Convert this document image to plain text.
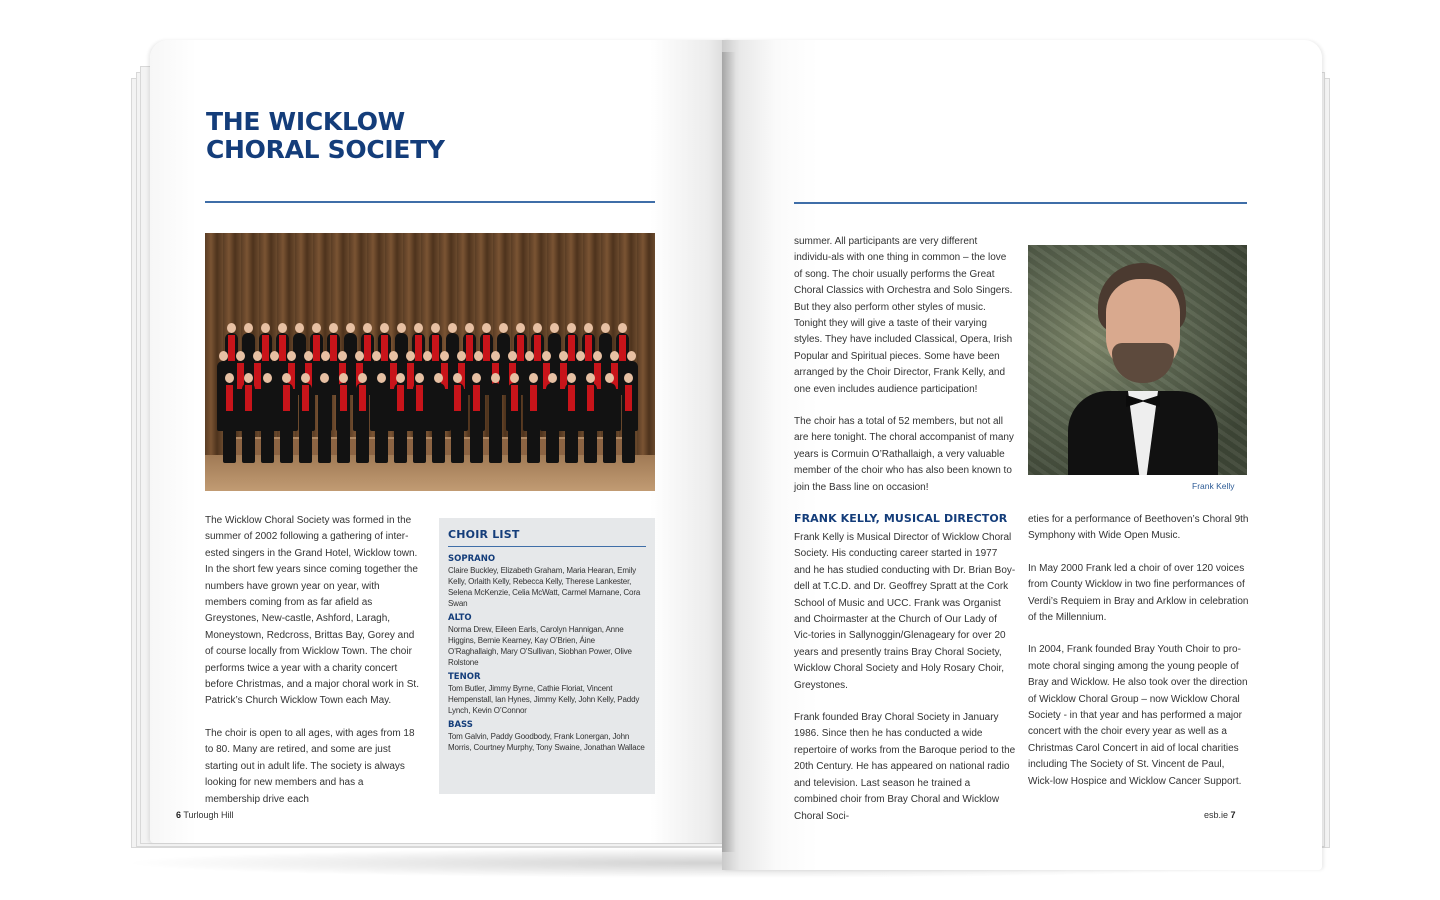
THE WICKLOW
CHORAL SOCIETY

The Wicklow Choral Society was formed in the summer of 2002 following a gathering of inter-ested singers in the Grand Hotel, Wicklow town. In the short few years since coming together the numbers have grown year on year, with members coming from as far afield as Greystones, New-castle, Ashford, Laragh, Moneystown, Redcross, Brittas Bay, Gorey and of course locally from Wicklow Town. The choir performs twice a year with a charity concert before Christmas, and a major choral work in St. Patrick’s Church Wicklow Town each May.

The choir is open to all ages, with ages from 18 to 80. Many are retired, and some are just starting out in adult life. The society is always looking for new members and has a membership drive each

CHOIR LIST
SOPRANO

Claire Buckley, Elizabeth Graham, Maria Hearan, Emily Kelly, Orlaith Kelly, Rebecca Kelly, Therese Lankester, Selena McKenzie, Celia McWatt, Carmel Marnane, Cora Swan

ALTO

Norma Drew, Eileen Earls, Carolyn Hannigan, Anne Higgins, Bernie Kearney, Kay O’Brien, Áine O’Raghallaigh, Mary O’Sullivan, Siobhan Power, Olive Rolstone

TENOR

Tom Butler, Jimmy Byrne, Cathie Floriat, Vincent Hempenstall, Ian Hynes, Jimmy Kelly, John Kelly, Paddy Lynch, Kevin O’Connor

BASS

Tom Galvin, Paddy Goodbody, Frank Lonergan, John Morris, Courtney Murphy, Tony Swaine, Jonathan Wallace

6 Turlough Hill

summer. All participants are very different individu-als with one thing in common – the love of song. The choir usually performs the Great Choral Classics with Orchestra and Solo Singers. But they also perform other styles of music. Tonight they will give a taste of their varying styles. They have included Classical, Opera, Irish Popular and Spiritual pieces. Some have been arranged by the Choir Director, Frank Kelly, and one even includes audience participation!

The choir has a total of 52 members, but not all are here tonight. The choral accompanist of many years is Cormuin O’Rathallaigh, a very valuable member of the choir who has also been known to join the Bass line on occasion!	Frank Kelly
FRANK KELLY, MUSICAL DIRECTOR

Frank Kelly is Musical Director of Wicklow Choral Society. His conducting career started in 1977 and he has studied conducting with Dr. Brian Boy-dell at T.C.D. and Dr. Geoffrey Spratt at the Cork School of Music and UCC. Frank was Organist and Choirmaster at the Church of Our Lady of Vic-tories in Sallynoggin/Glenageary for over 20 years and presently trains Bray Choral Society, Wicklow Choral Society and Holy Rosary Choir, Greystones.

Frank founded Bray Choral Society in January 1986. Since then he has conducted a wide repertoire of works from the Baroque period to the 20th Century. He has appeared on national radio and television. Last season he trained a combined choir from Bray Choral and Wicklow Choral Soci-

eties for a performance of Beethoven’s Choral 9th Symphony with Wide Open Music.

In May 2000 Frank led a choir of over 120 voices from County Wicklow in two fine performances of Verdi’s Requiem in Bray and Arklow in celebration of the Millennium.

In 2004, Frank founded Bray Youth Choir to pro-mote choral singing among the young people of Bray and Wicklow. He also took over the direction of Wicklow Choral Group – now Wicklow Choral Society - in that year and has performed a major concert with the choir every year as well as a Christmas Carol Concert in aid of local charities including The Society of St. Vincent de Paul, Wick-low Hospice and Wicklow Cancer Support.

esb.ie 7
